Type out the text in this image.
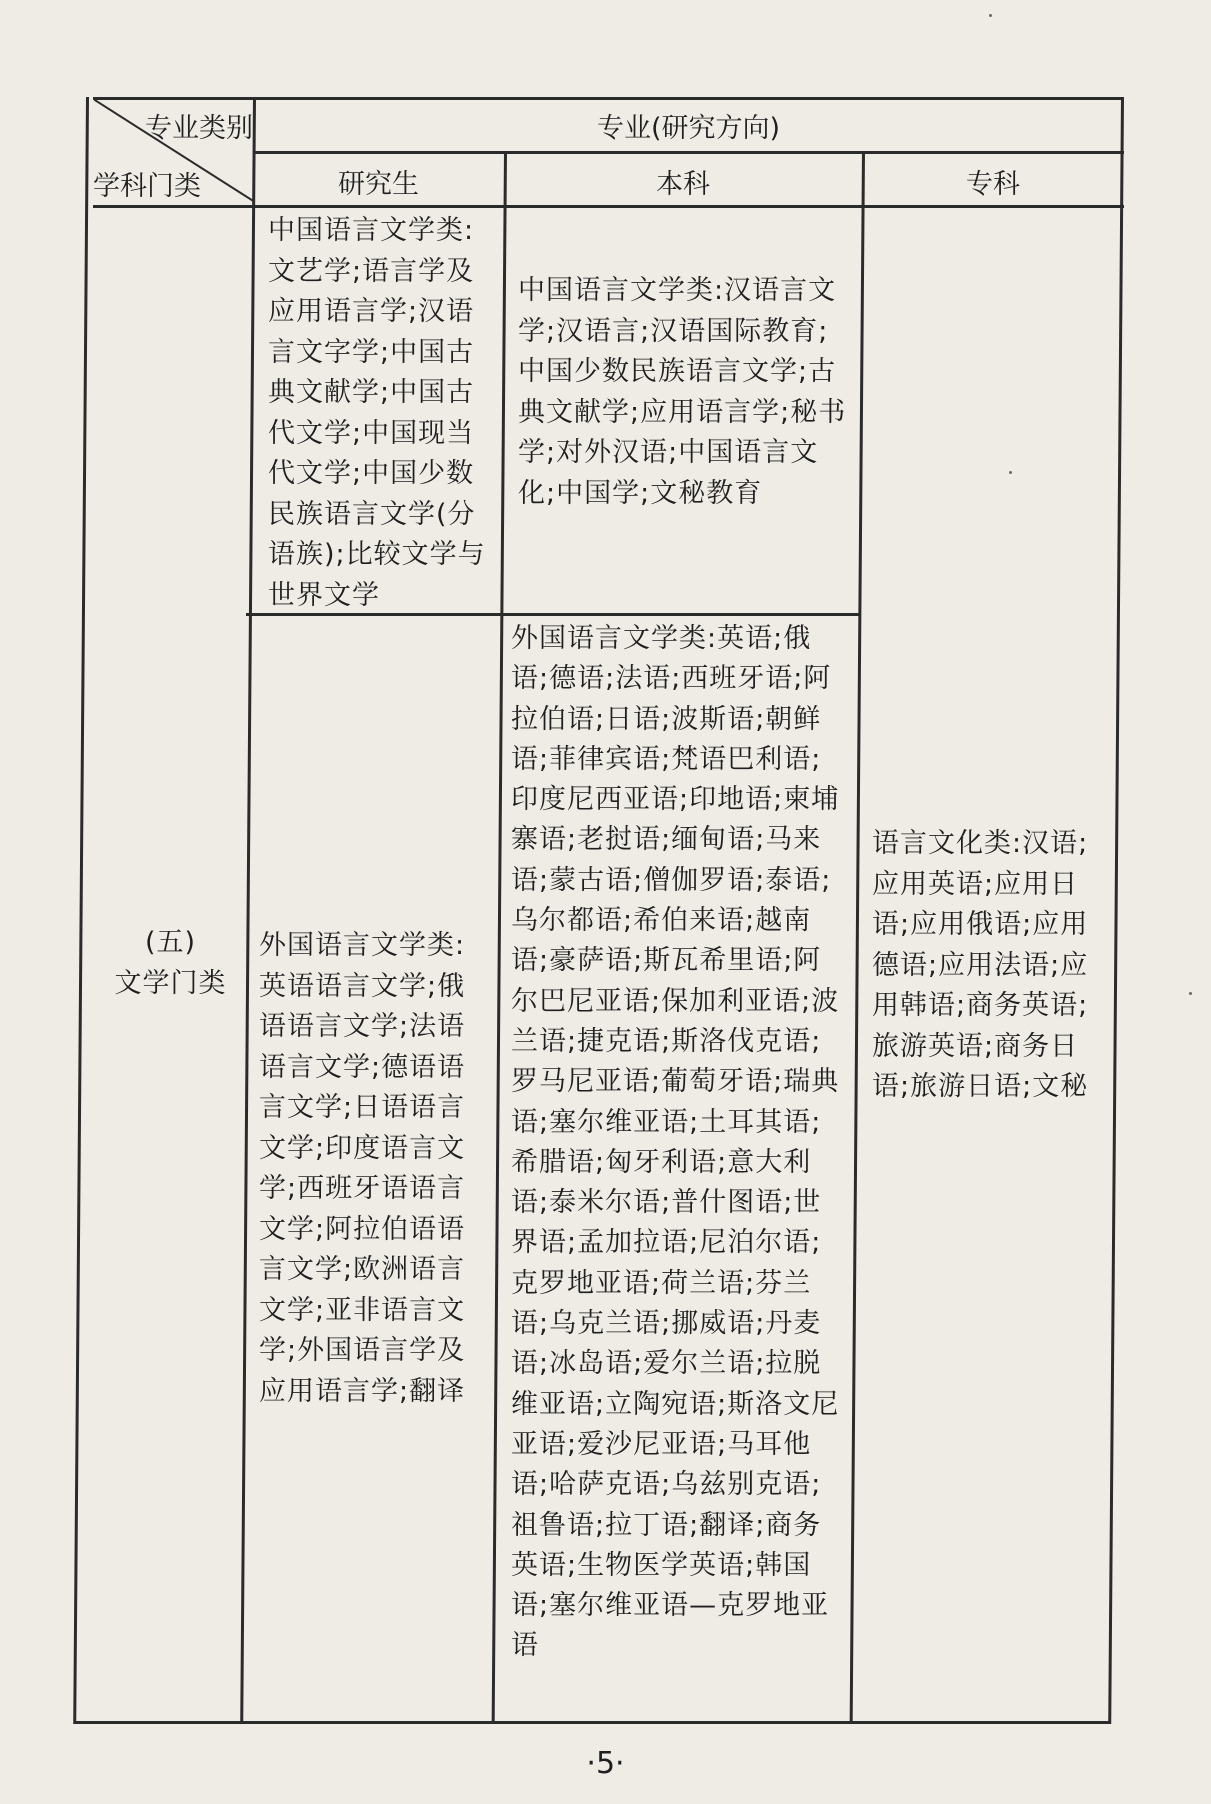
专业类别
学科门类
专业(研究方向)
研究生	本科	专科
(五)
文学门类
中国语言文学类:文艺学;语言学及应用语言学;汉语言文字学;中国古典文献学;中国古代文学;中国现当代文学;中国少数民族语言文学(分语族);比较文学与世界文学
外国语言文学类:英语语言文学;俄语语言文学;法语语言文学;德语语言文学;日语语言文学;印度语言文学;西班牙语语言文学;阿拉伯语语言文学;欧洲语言文学;亚非语言文学;外国语言学及应用语言学;翻译
中国语言文学类:汉语言文学;汉语言;汉语国际教育;中国少数民族语言文学;古典文献学;应用语言学;秘书学;对外汉语;中国语言文化;中国学;文秘教育
外国语言文学类:英语;俄语;德语;法语;西班牙语;阿拉伯语;日语;波斯语;朝鲜语;菲律宾语;梵语巴利语;印度尼西亚语;印地语;柬埔寨语;老挝语;缅甸语;马来语;蒙古语;僧伽罗语;泰语;乌尔都语;希伯来语;越南语;豪萨语;斯瓦希里语;阿尔巴尼亚语;保加利亚语;波兰语;捷克语;斯洛伐克语;罗马尼亚语;葡萄牙语;瑞典语;塞尔维亚语;土耳其语;希腊语;匈牙利语;意大利语;泰米尔语;普什图语;世界语;孟加拉语;尼泊尔语;克罗地亚语;荷兰语;芬兰语;乌克兰语;挪威语;丹麦语;冰岛语;爱尔兰语;拉脱维亚语;立陶宛语;斯洛文尼亚语;爱沙尼亚语;马耳他语;哈萨克语;乌兹别克语;祖鲁语;拉丁语;翻译;商务英语;生物医学英语;韩国语;塞尔维亚语—克罗地亚语
语言文化类:汉语;应用英语;应用日语;应用俄语;应用德语;应用法语;应用韩语;商务英语;旅游英语;商务日语;旅游日语;文秘
·5·
